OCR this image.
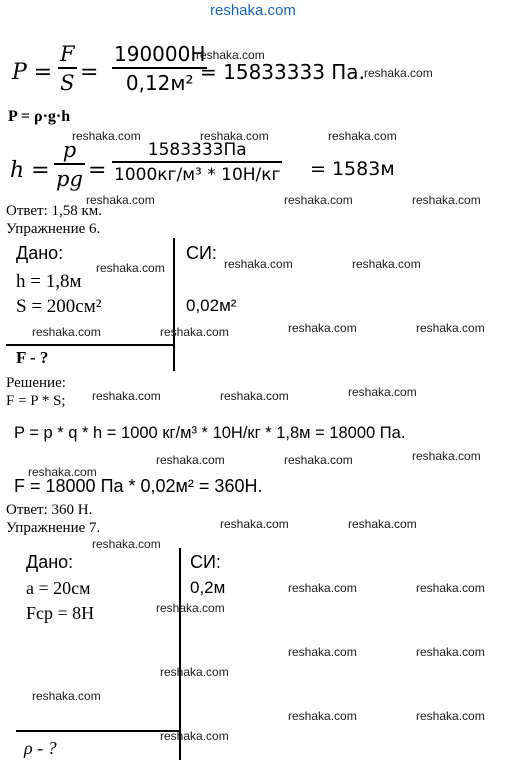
reshaka.com
P =
F
S =
190000H
0,12м² = 15833333 Па.
P = ρ·g·h
h =
p
pg =
1583333Па
1000кг/м³ * 10Н/кг = 1583м
Ответ: 1,58 км.
Упражнение 6.
Дано:	СИ:
h = 1,8м
S = 200см²	0,02м²
F - ?
Решение:
F = P * S;
P = p * q * h = 1000 кг/м³ * 10Н/кг * 1,8м = 18000 Па.
F = 18000 Па * 0,02м² = 360Н.
Ответ: 360 Н.
Упражнение 7.
Дано:	СИ:
a = 20см	0,2м
Fср = 8Н
ρ - ?
reshaka.com
reshaka.com
reshaka.com	reshaka.com	reshaka.com
reshaka.com	reshaka.com	reshaka.com
reshaka.com	reshaka.com	reshaka.com
reshaka.com	reshaka.com	reshaka.com	reshaka.com
reshaka.com	reshaka.com	reshaka.com
reshaka.com	reshaka.com	reshaka.com
reshaka.com
reshaka.com	reshaka.com
reshaka.com
reshaka.com	reshaka.com
reshaka.com
reshaka.com	reshaka.com
reshaka.com
reshaka.com
reshaka.com	reshaka.com
reshaka.com
